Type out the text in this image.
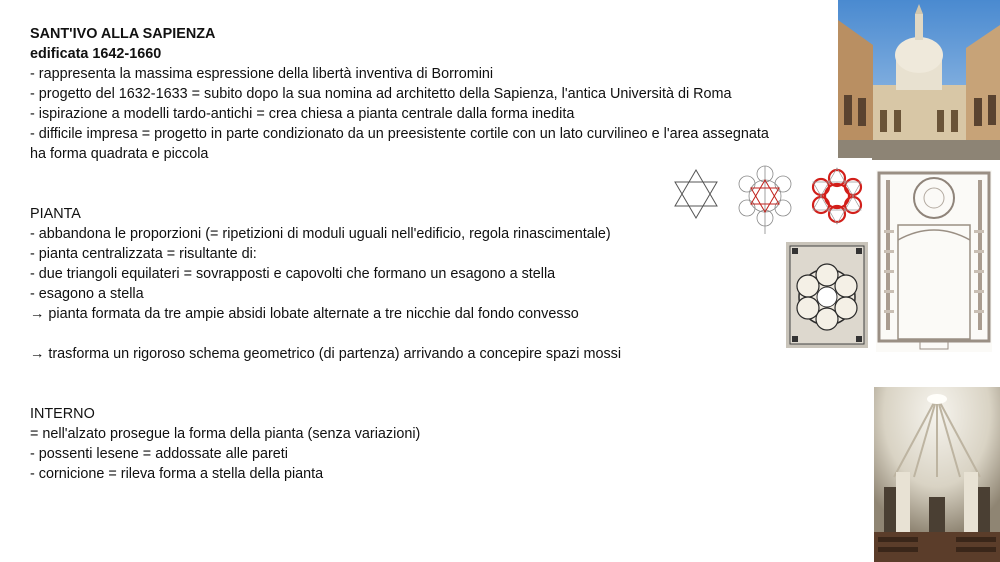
SANT'IVO ALLA SAPIENZA
edificata 1642-1660
- rappresenta la massima espressione della libertà inventiva di Borromini
- progetto del 1632-1633 = subito dopo la sua nomina ad architetto della Sapienza, l'antica Università di Roma
- ispirazione a modelli tardo-antichi = crea chiesa a pianta centrale dalla forma inedita
- difficile impresa = progetto in parte condizionato da un preesistente cortile con un lato curvilineo e l'area assegnata
ha forma quadrata e piccola
PIANTA
- abbandona le proporzioni (= ripetizioni di moduli uguali nell'edificio, regola rinascimentale)
- pianta centralizzata = risultante di:
- due triangoli equilateri = sovrapposti e capovolti che formano un esagono a stella
- esagono a stella
→ pianta formata da tre ampie absidi lobate alternate a tre nicchie dal fondo convesso
→ trasforma un rigoroso schema geometrico (di partenza) arrivando a concepire spazi mossi
INTERNO
= nell'alzato prosegue la forma della pianta (senza variazioni)
- possenti lesene = addossate alle pareti
- cornicione = rileva forma a stella della pianta
